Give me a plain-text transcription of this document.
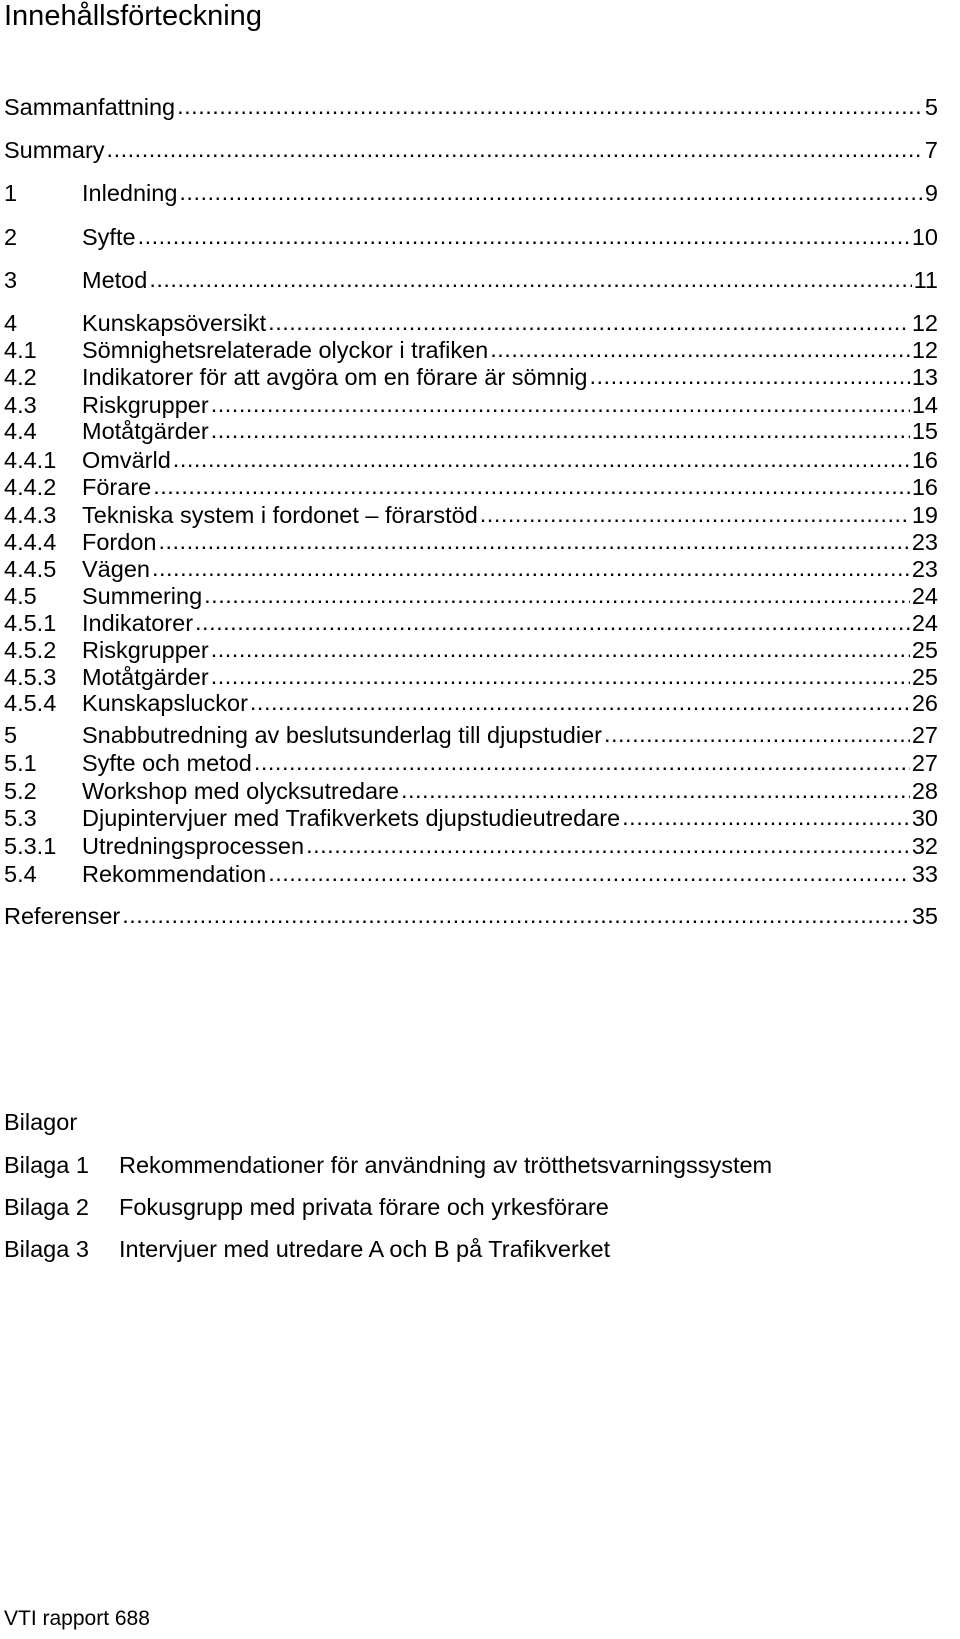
Innehållsförteckning
Sammanfattning .....	5
Summary .....	7
1	Inledning .....	9
2	Syfte .....	10
3	Metod .....	11
4	Kunskapsöversikt .....	12
4.1	Sömnighetsrelaterade olyckor i trafiken .....	12
4.2	Indikatorer för att avgöra om en förare är sömnig .....	13
4.3	Riskgrupper .....	14
4.4	Motåtgärder .....	15
4.4.1	Omvärld .....	16
4.4.2	Förare .....	16
4.4.3	Tekniska system i fordonet – förarstöd .....	19
4.4.4	Fordon .....	23
4.4.5	Vägen .....	23
4.5	Summering .....	24
4.5.1	Indikatorer .....	24
4.5.2	Riskgrupper .....	25
4.5.3	Motåtgärder .....	25
4.5.4	Kunskapsluckor .....	26
5	Snabbutredning av beslutsunderlag till djupstudier .....	27
5.1	Syfte och metod .....	27
5.2	Workshop med olycksutredare .....	28
5.3	Djupintervjuer med Trafikverkets djupstudieutredare .....	30
5.3.1	Utredningsprocessen .....	32
5.4	Rekommendation .....	33
Referenser .....	35
Bilagor
Bilaga 1 Rekommendationer för användning av trötthetsvarningssystem
Bilaga 2 Fokusgrupp med privata förare och yrkesförare
Bilaga 3 Intervjuer med utredare A och B på Trafikverket
VTI rapport 688
